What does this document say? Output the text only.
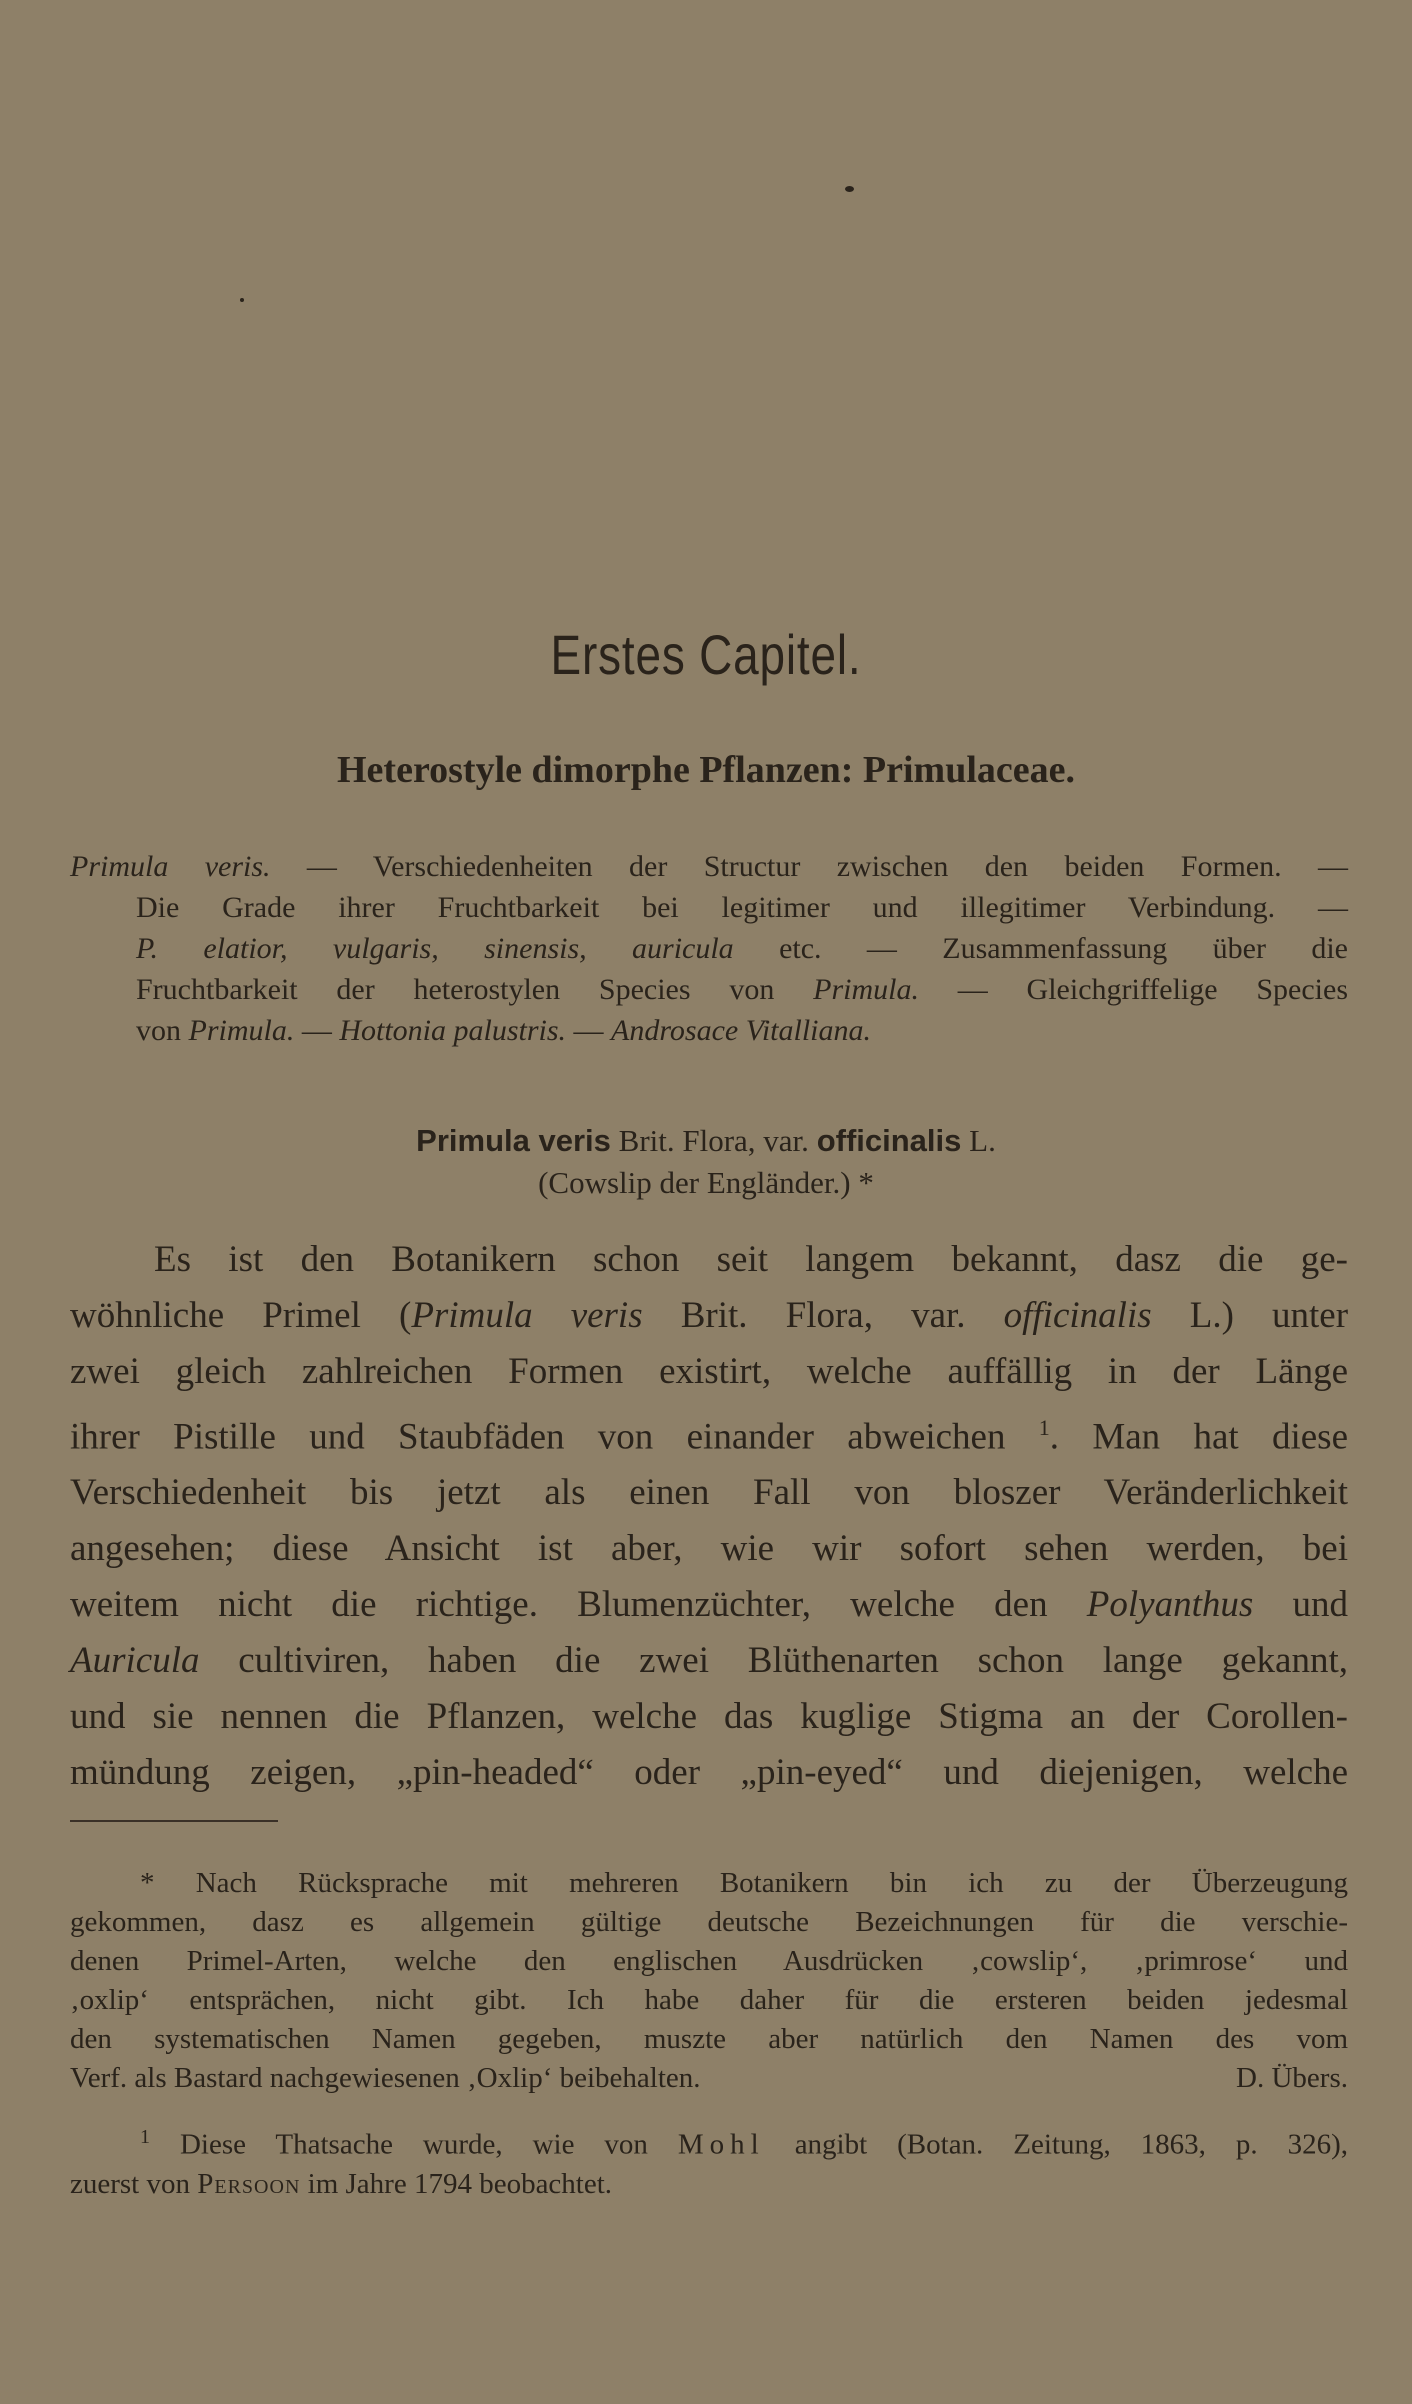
Erstes Capitel.
Heterostyle dimorphe Pflanzen: Primulaceae.
Primula veris. — Verschiedenheiten der Structur zwischen den beiden Formen. —
Die Grade ihrer Fruchtbarkeit bei legitimer und illegitimer Verbindung. —
P. elatior, vulgaris, sinensis, auricula etc. — Zusammenfassung über die
Fruchtbarkeit der heterostylen Species von Primula. — Gleichgriffelige Species
von Primula. — Hottonia palustris. — Androsace Vitalliana.
Primula veris Brit. Flora, var. officinalis L.
(Cowslip der Engländer.) *
Es ist den Botanikern schon seit langem bekannt, dasz die ge-
wöhnliche Primel (Primula veris Brit. Flora, var. officinalis L.) unter
zwei gleich zahlreichen Formen existirt, welche auffällig in der Länge
ihrer Pistille und Staubfäden von einander abweichen $^1$. Man hat diese
Verschiedenheit bis jetzt als einen Fall von bloszer Veränderlichkeit
angesehen; diese Ansicht ist aber, wie wir sofort sehen werden, bei
weitem nicht die richtige. Blumenzüchter, welche den Polyanthus und
Auricula cultiviren, haben die zwei Blüthenarten schon lange gekannt,
und sie nennen die Pflanzen, welche das kuglige Stigma an der Corollen-
mündung zeigen, „pin-headed“ oder „pin-eyed“ und diejenigen, welche
* Nach Rücksprache mit mehreren Botanikern bin ich zu der Überzeugung
gekommen, dasz es allgemein gültige deutsche Bezeichnungen für die verschie-
denen Primel-Arten, welche den englischen Ausdrücken ‚cowslip‘, ‚primrose‘ und
‚oxlip‘ entsprächen, nicht gibt. Ich habe daher für die ersteren beiden jedesmal
den systematischen Namen gegeben, muszte aber natürlich den Namen des vom
Verf. als Bastard nachgewiesenen ‚Oxlip‘ beibehalten.	D. Übers.
$^1$ Diese Thatsache wurde, wie von Mohl angibt (Botan. Zeitung, 1863, p. 326),
zuerst von Persoon im Jahre 1794 beobachtet.
